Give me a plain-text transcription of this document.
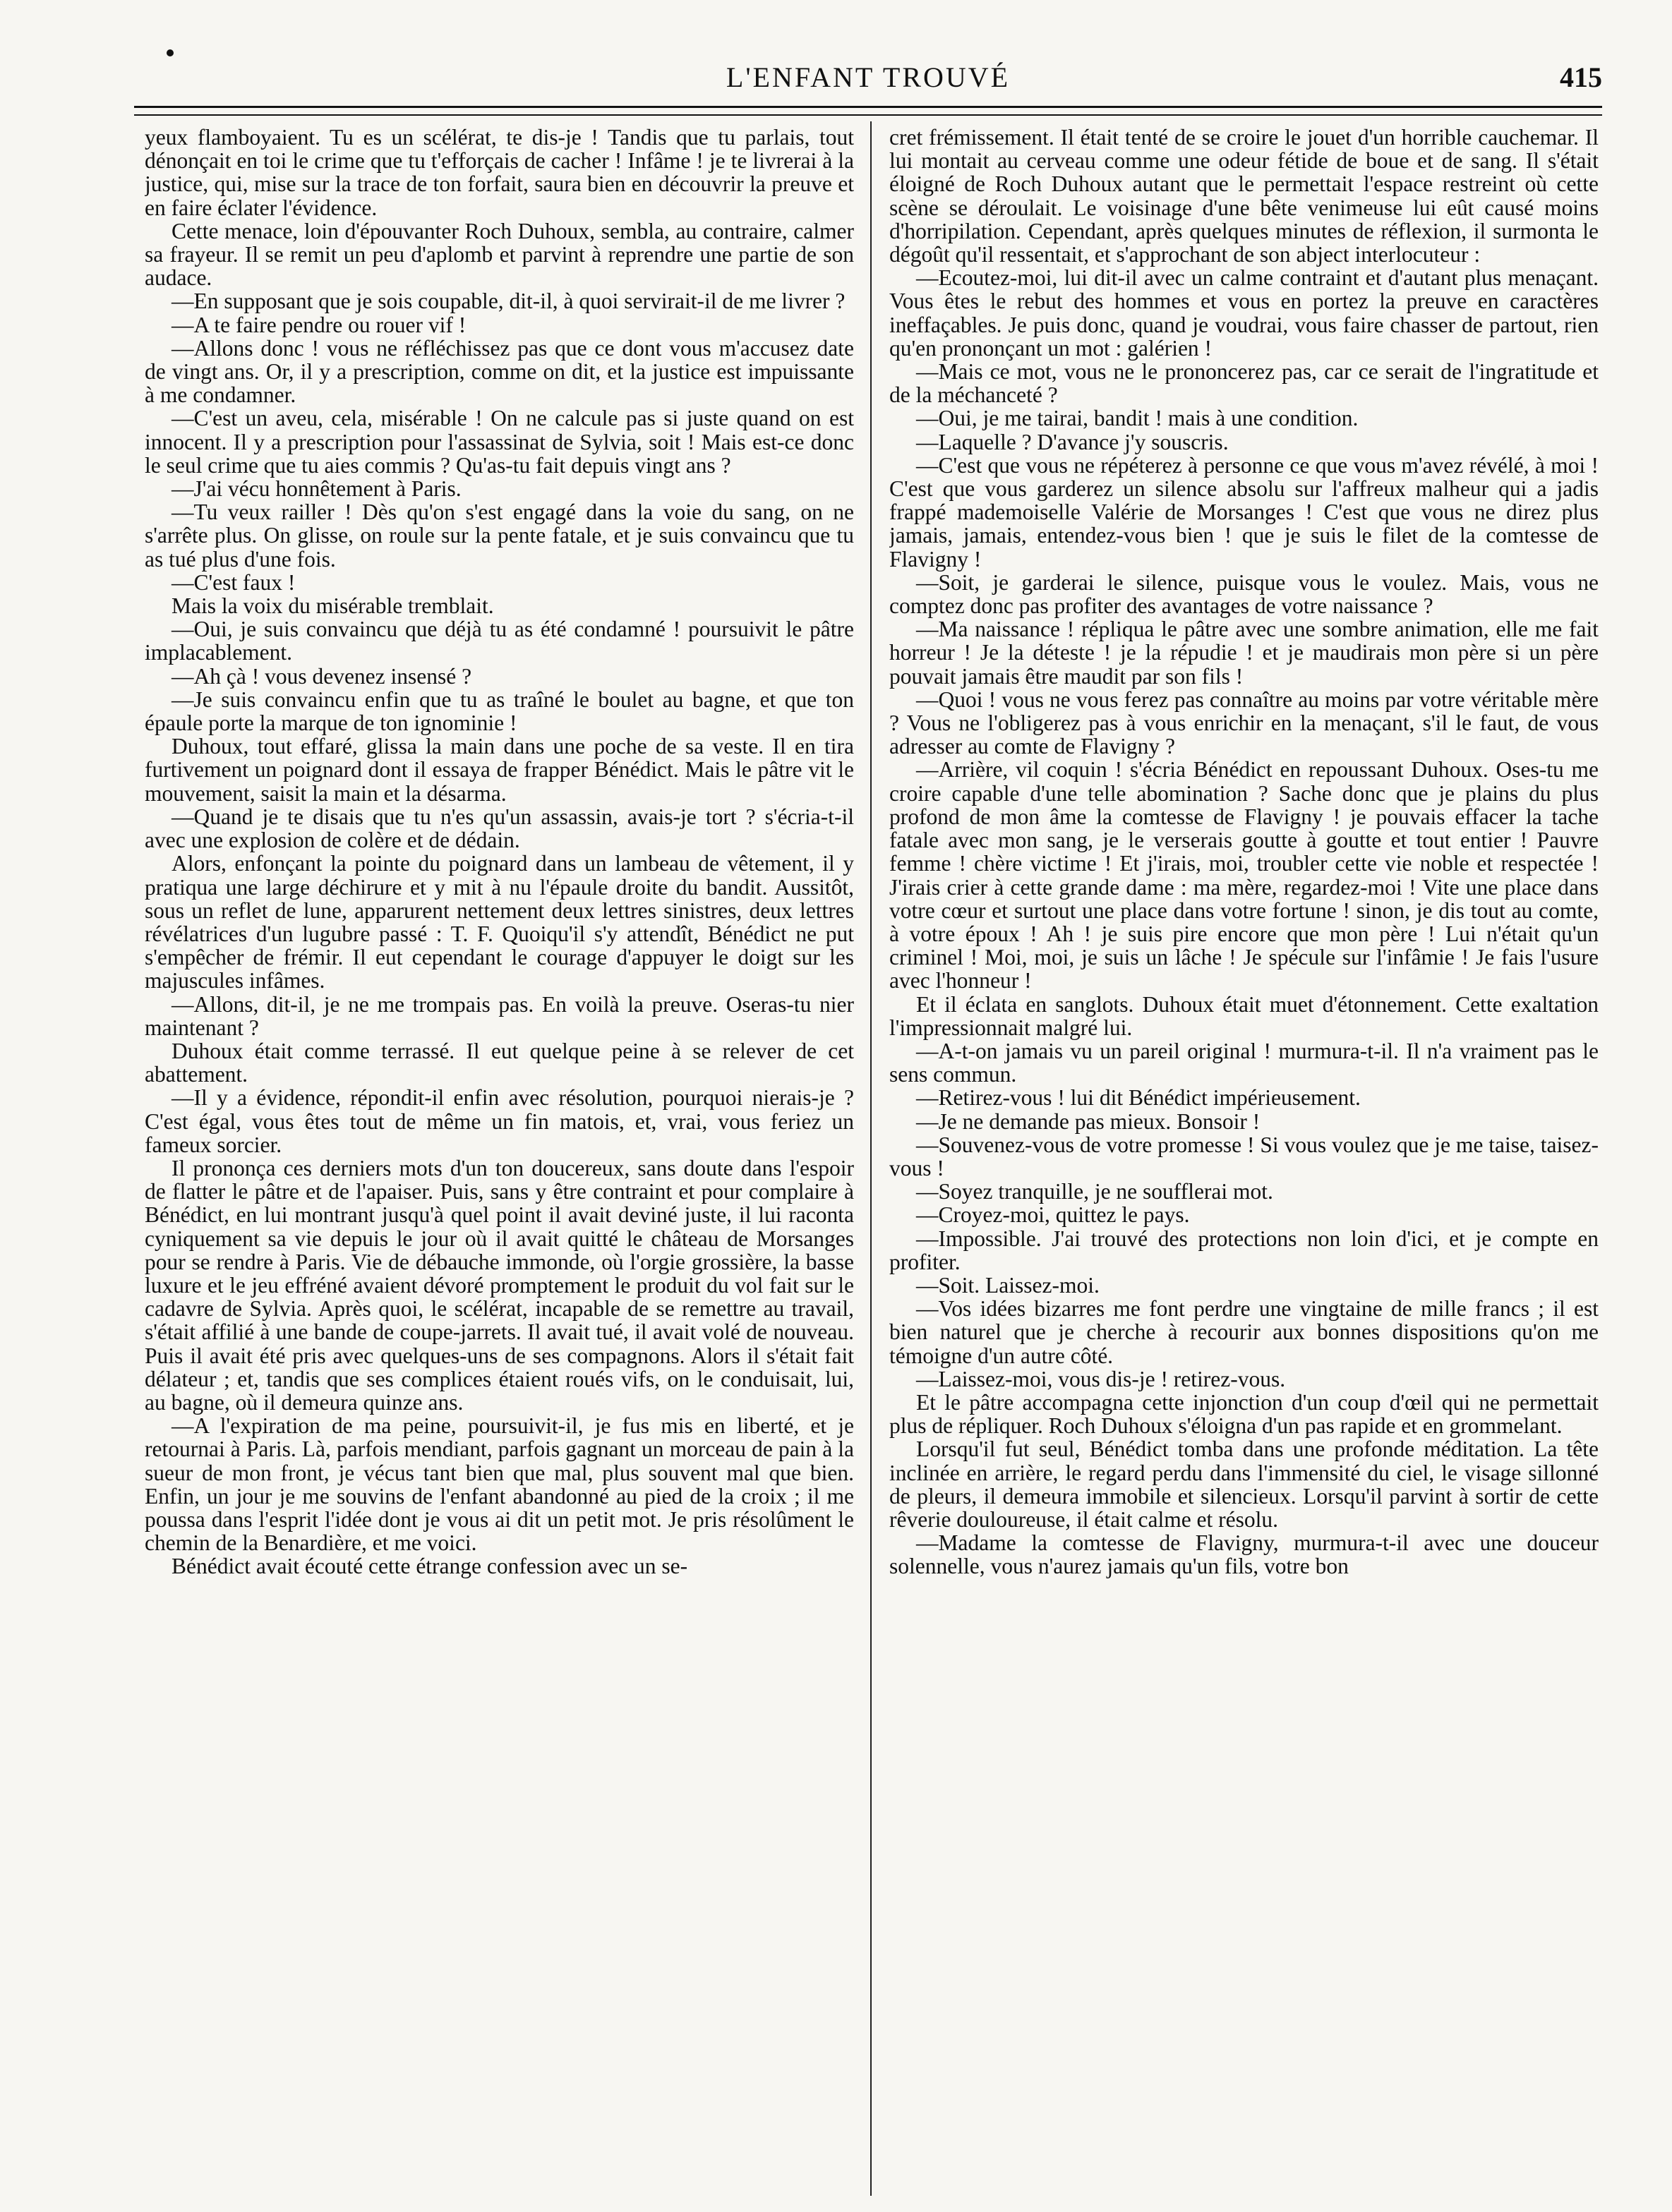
L'ENFANT TROUVÉ	415

yeux flamboyaient. Tu es un scélérat, te dis-je ! Tandis que tu parlais, tout dénonçait en toi le crime que tu t'efforçais de cacher ! Infâme ! je te livrerai à la justice, qui, mise sur la trace de ton forfait, saura bien en découvrir la preuve et en faire éclater l'évidence.

Cette menace, loin d'épouvanter Roch Duhoux, sembla, au contraire, calmer sa frayeur. Il se remit un peu d'aplomb et parvint à reprendre une partie de son audace.

—En supposant que je sois coupable, dit-il, à quoi servirait-il de me livrer ?

—A te faire pendre ou rouer vif !

—Allons donc ! vous ne réfléchissez pas que ce dont vous m'accusez date de vingt ans. Or, il y a prescription, comme on dit, et la justice est impuissante à me condamner.

—C'est un aveu, cela, misérable ! On ne calcule pas si juste quand on est innocent. Il y a prescription pour l'assassinat de Sylvia, soit ! Mais est-ce donc le seul crime que tu aies commis ? Qu'as-tu fait depuis vingt ans ?

—J'ai vécu honnêtement à Paris.

—Tu veux railler ! Dès qu'on s'est engagé dans la voie du sang, on ne s'arrête plus. On glisse, on roule sur la pente fatale, et je suis convaincu que tu as tué plus d'une fois.

—C'est faux !

Mais la voix du misérable tremblait.

—Oui, je suis convaincu que déjà tu as été condamné ! poursuivit le pâtre implacablement.

—Ah çà ! vous devenez insensé ?

—Je suis convaincu enfin que tu as traîné le boulet au bagne, et que ton épaule porte la marque de ton ignominie !

Duhoux, tout effaré, glissa la main dans une poche de sa veste. Il en tira furtivement un poignard dont il essaya de frapper Bénédict. Mais le pâtre vit le mouvement, saisit la main et la désarma.

—Quand je te disais que tu n'es qu'un assassin, avais-je tort ? s'écria-t-il avec une explosion de colère et de dédain.

Alors, enfonçant la pointe du poignard dans un lambeau de vêtement, il y pratiqua une large déchirure et y mit à nu l'épaule droite du bandit. Aussitôt, sous un reflet de lune, apparurent nettement deux lettres sinistres, deux lettres révélatrices d'un lugubre passé : T. F. Quoiqu'il s'y attendît, Bénédict ne put s'empêcher de frémir. Il eut cependant le courage d'appuyer le doigt sur les majuscules infâmes.

—Allons, dit-il, je ne me trompais pas. En voilà la preuve. Oseras-tu nier maintenant ?

Duhoux était comme terrassé. Il eut quelque peine à se relever de cet abattement.

—Il y a évidence, répondit-il enfin avec résolution, pourquoi nierais-je ? C'est égal, vous êtes tout de même un fin matois, et, vrai, vous feriez un fameux sorcier.

Il prononça ces derniers mots d'un ton doucereux, sans doute dans l'espoir de flatter le pâtre et de l'apaiser. Puis, sans y être contraint et pour complaire à Bénédict, en lui montrant jusqu'à quel point il avait deviné juste, il lui raconta cyniquement sa vie depuis le jour où il avait quitté le château de Morsanges pour se rendre à Paris. Vie de débauche immonde, où l'orgie grossière, la basse luxure et le jeu effréné avaient dévoré promptement le produit du vol fait sur le cadavre de Sylvia. Après quoi, le scélérat, incapable de se remettre au travail, s'était affilié à une bande de coupe-jarrets. Il avait tué, il avait volé de nouveau. Puis il avait été pris avec quelques-uns de ses compagnons. Alors il s'était fait délateur ; et, tandis que ses complices étaient roués vifs, on le conduisait, lui, au bagne, où il demeura quinze ans.

—A l'expiration de ma peine, poursuivit-il, je fus mis en liberté, et je retournai à Paris. Là, parfois mendiant, parfois gagnant un morceau de pain à la sueur de mon front, je vécus tant bien que mal, plus souvent mal que bien. Enfin, un jour je me souvins de l'enfant abandonné au pied de la croix ; il me poussa dans l'esprit l'idée dont je vous ai dit un petit mot. Je pris résolûment le chemin de la Benardière, et me voici.

Bénédict avait écouté cette étrange confession avec un se-

cret frémissement. Il était tenté de se croire le jouet d'un horrible cauchemar. Il lui montait au cerveau comme une odeur fétide de boue et de sang. Il s'était éloigné de Roch Duhoux autant que le permettait l'espace restreint où cette scène se déroulait. Le voisinage d'une bête venimeuse lui eût causé moins d'horripilation. Cependant, après quelques minutes de réflexion, il surmonta le dégoût qu'il ressentait, et s'approchant de son abject interlocuteur :

—Ecoutez-moi, lui dit-il avec un calme contraint et d'autant plus menaçant. Vous êtes le rebut des hommes et vous en portez la preuve en caractères ineffaçables. Je puis donc, quand je voudrai, vous faire chasser de partout, rien qu'en prononçant un mot : galérien !

—Mais ce mot, vous ne le prononcerez pas, car ce serait de l'ingratitude et de la méchanceté ?

—Oui, je me tairai, bandit ! mais à une condition.

—Laquelle ? D'avance j'y souscris.

—C'est que vous ne répéterez à personne ce que vous m'avez révélé, à moi ! C'est que vous garderez un silence absolu sur l'affreux malheur qui a jadis frappé mademoiselle Valérie de Morsanges ! C'est que vous ne direz plus jamais, jamais, entendez-vous bien ! que je suis le filet de la comtesse de Flavigny !

—Soit, je garderai le silence, puisque vous le voulez. Mais, vous ne comptez donc pas profiter des avantages de votre naissance ?

—Ma naissance ! répliqua le pâtre avec une sombre animation, elle me fait horreur ! Je la déteste ! je la répudie ! et je maudirais mon père si un père pouvait jamais être maudit par son fils !

—Quoi ! vous ne vous ferez pas connaître au moins par votre véritable mère ? Vous ne l'obligerez pas à vous enrichir en la menaçant, s'il le faut, de vous adresser au comte de Flavigny ?

—Arrière, vil coquin ! s'écria Bénédict en repoussant Duhoux. Oses-tu me croire capable d'une telle abomination ? Sache donc que je plains du plus profond de mon âme la comtesse de Flavigny ! je pouvais effacer la tache fatale avec mon sang, je le verserais goutte à goutte et tout entier ! Pauvre femme ! chère victime ! Et j'irais, moi, troubler cette vie noble et respectée ! J'irais crier à cette grande dame : ma mère, regardez-moi ! Vite une place dans votre cœur et surtout une place dans votre fortune ! sinon, je dis tout au comte, à votre époux ! Ah ! je suis pire encore que mon père ! Lui n'était qu'un criminel ! Moi, moi, je suis un lâche ! Je spécule sur l'infâmie ! Je fais l'usure avec l'honneur !

Et il éclata en sanglots. Duhoux était muet d'étonnement. Cette exaltation l'impressionnait malgré lui.

—A-t-on jamais vu un pareil original ! murmura-t-il. Il n'a vraiment pas le sens commun.

—Retirez-vous ! lui dit Bénédict impérieusement.

—Je ne demande pas mieux. Bonsoir !

—Souvenez-vous de votre promesse ! Si vous voulez que je me taise, taisez-vous !

—Soyez tranquille, je ne soufflerai mot.

—Croyez-moi, quittez le pays.

—Impossible. J'ai trouvé des protections non loin d'ici, et je compte en profiter.

—Soit. Laissez-moi.

—Vos idées bizarres me font perdre une vingtaine de mille francs ; il est bien naturel que je cherche à recourir aux bonnes dispositions qu'on me témoigne d'un autre côté.

—Laissez-moi, vous dis-je ! retirez-vous.

Et le pâtre accompagna cette injonction d'un coup d'œil qui ne permettait plus de répliquer. Roch Duhoux s'éloigna d'un pas rapide et en grommelant.

Lorsqu'il fut seul, Bénédict tomba dans une profonde méditation. La tête inclinée en arrière, le regard perdu dans l'immensité du ciel, le visage sillonné de pleurs, il demeura immobile et silencieux. Lorsqu'il parvint à sortir de cette rêverie douloureuse, il était calme et résolu.

—Madame la comtesse de Flavigny, murmura-t-il avec une douceur solennelle, vous n'aurez jamais qu'un fils, votre bon
